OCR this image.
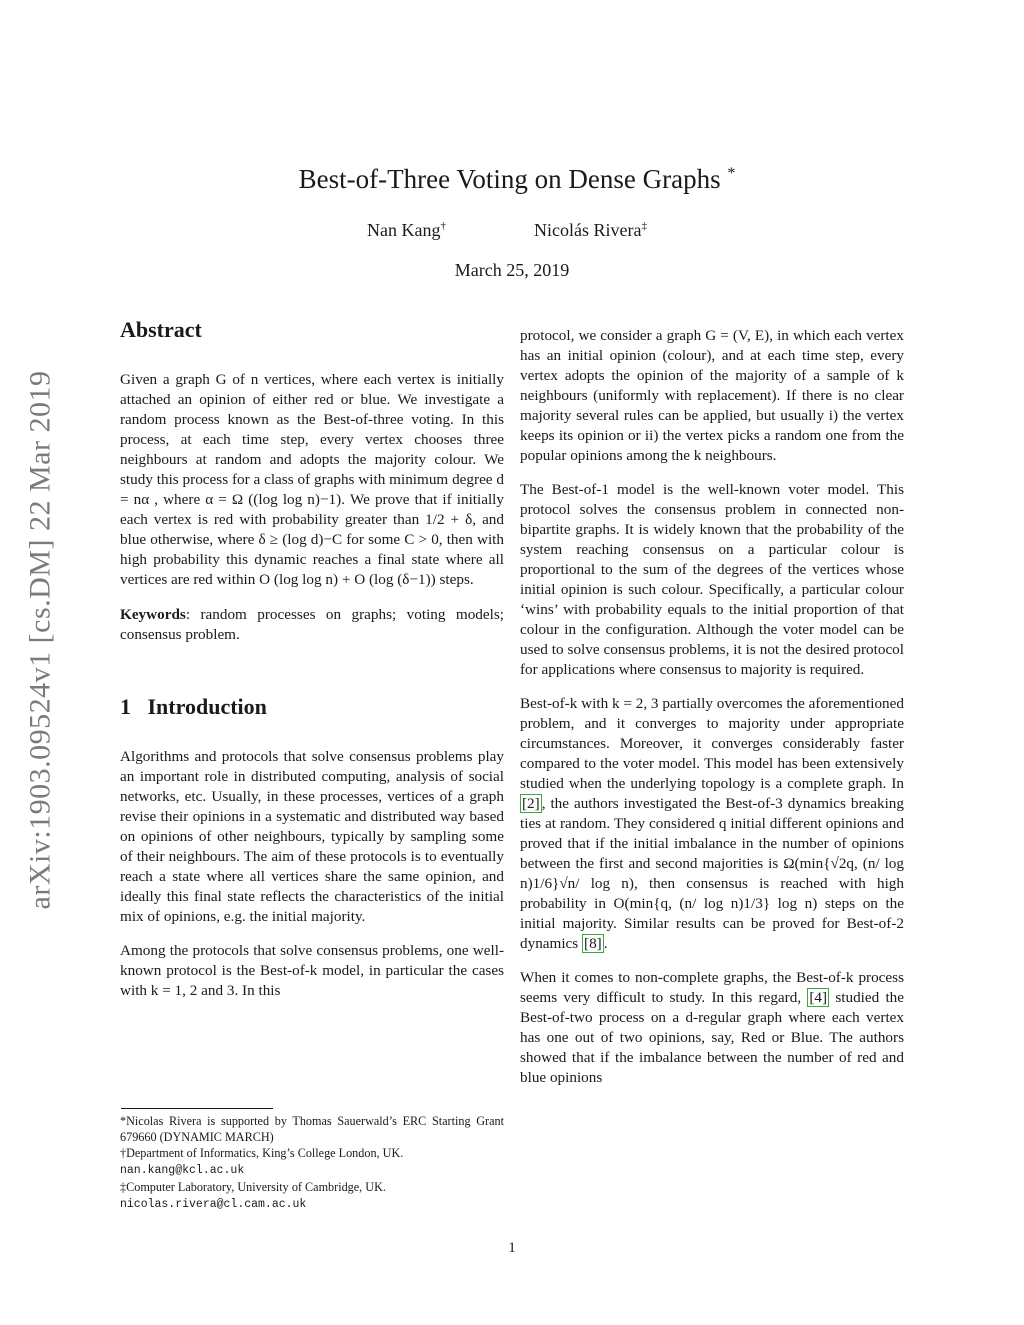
arXiv:1903.09524v1 [cs.DM] 22 Mar 2019
Best-of-Three Voting on Dense Graphs *
Nan Kang†	Nicolás Rivera‡
March 25, 2019
Abstract

Given a graph G of n vertices, where each vertex is initially attached an opinion of either red or blue. We investigate a random process known as the Best-of-three voting. In this process, at each time step, every vertex chooses three neighbours at random and adopts the majority colour. We study this process for a class of graphs with minimum degree d = nα , where α = Ω ((log log n)−1). We prove that if initially each vertex is red with probability greater than 1/2 + δ, and blue otherwise, where δ ≥ (log d)−C for some C > 0, then with high probability this dynamic reaches a final state where all vertices are red within O (log log n) + O (log (δ−1)) steps.

Keywords: random processes on graphs; voting models; consensus problem.

1 Introduction

Algorithms and protocols that solve consensus problems play an important role in distributed computing, analysis of social networks, etc. Usually, in these processes, vertices of a graph revise their opinions in a systematic and distributed way based on opinions of other neighbours, typically by sampling some of their neighbours. The aim of these protocols is to eventually reach a state where all vertices share the same opinion, and ideally this final state reflects the characteristics of the initial mix of opinions, e.g. the initial majority.

Among the protocols that solve consensus problems, one well-known protocol is the Best-of-k model, in particular the cases with k = 1, 2 and 3. In this

*Nicolas Rivera is supported by Thomas Sauerwald’s ERC Starting Grant 679660 (DYNAMIC MARCH)

†Department of Informatics, King’s College London, UK.
nan.kang@kcl.ac.uk

‡Computer Laboratory, University of Cambridge, UK.
nicolas.rivera@cl.cam.ac.uk

protocol, we consider a graph G = (V, E), in which each vertex has an initial opinion (colour), and at each time step, every vertex adopts the opinion of the majority of a sample of k neighbours (uniformly with replacement). If there is no clear majority several rules can be applied, but usually i) the vertex keeps its opinion or ii) the vertex picks a random one from the popular opinions among the k neighbours.

The Best-of-1 model is the well-known voter model. This protocol solves the consensus problem in connected non-bipartite graphs. It is widely known that the probability of the system reaching consensus on a particular colour is proportional to the sum of the degrees of the vertices whose initial opinion is such colour. Specifically, a particular colour ‘wins’ with probability equals to the initial proportion of that colour in the configuration. Although the voter model can be used to solve consensus problems, it is not the desired protocol for applications where consensus to majority is required.

Best-of-k with k = 2, 3 partially overcomes the aforementioned problem, and it converges to majority under appropriate circumstances. Moreover, it converges considerably faster compared to the voter model. This model has been extensively studied when the underlying topology is a complete graph. In [2] , the authors investigated the Best-of-3 dynamics breaking ties at random. They considered q initial different opinions and proved that if the initial imbalance in the number of opinions between the first and second majorities is Ω(min{√2q, (n/ log n)1/6}√n/ log n), then consensus is reached with high probability in O(min{q, (n/ log n)1/3} log n) steps on the initial majority. Similar results can be proved for Best-of-2 dynamics [8] .

When it comes to non-complete graphs, the Best-of-k process seems very difficult to study. In this regard, [4] studied the Best-of-two process on a d-regular graph where each vertex has one out of two opinions, say, Red or Blue. The authors showed that if the imbalance between the number of red and blue opinions

1
